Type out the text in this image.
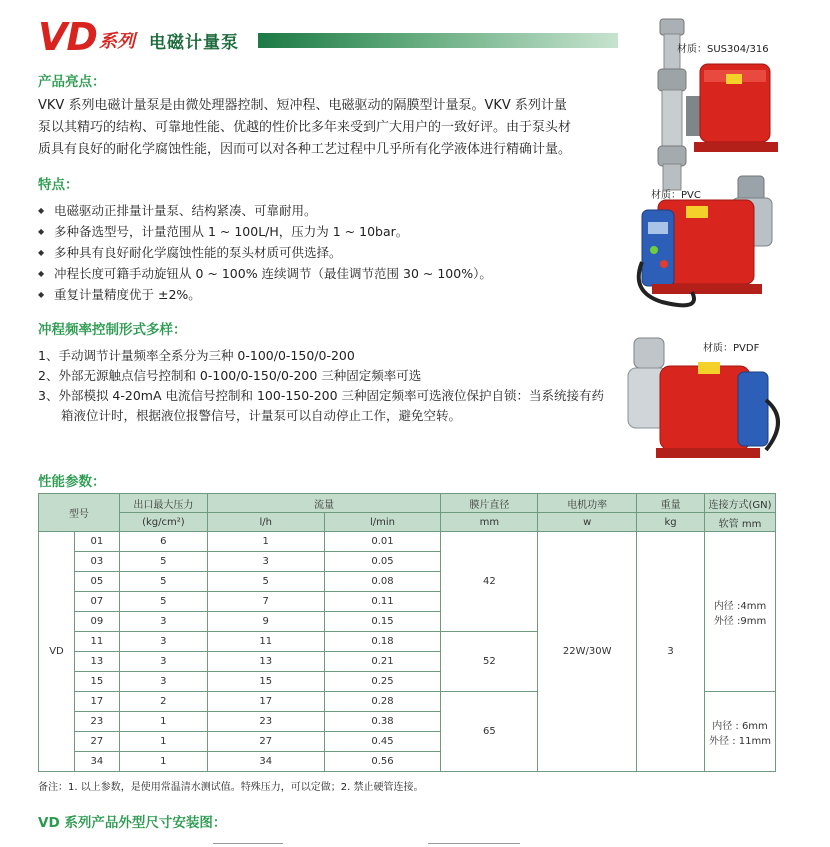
VD 系列 电磁计量泵
产品亮点：
VKV 系列电磁计量泵是由微处理器控制、短冲程、电磁驱动的隔膜型计量泵。VKV 系列计量
泵以其精巧的结构、可靠地性能、优越的性价比多年来受到广大用户的一致好评。由于泵头材
质具有良好的耐化学腐蚀性能，因而可以对各种工艺过程中几乎所有化学液体进行精确计量。
特点：
◆ 电磁驱动正排量计量泵、结构紧凑、可靠耐用。
◆ 多种备选型号，计量范围从 1 ~ 100L/H，压力为 1 ~ 10bar。
◆ 多种具有良好耐化学腐蚀性能的泵头材质可供选择。
◆ 冲程长度可籍手动旋钮从 0 ~ 100% 连续调节（最佳调节范围 30 ~ 100%）。
◆ 重复计量精度优于 ±2%。
冲程频率控制形式多样：
1、手动调节计量频率全系分为三种 0-100/0-150/0-200
2、外部无源触点信号控制和 0-100/0-150/0-200 三种固定频率可选
3、外部模拟 4-20mA 电流信号控制和 100-150-200 三种固定频率可选液位保护自锁：当系统接有药箱液位计时，根据液位报警信号，计量泵可以自动停止工作，避免空转。
材质：SUS304/316
材质：PVC
材质：PVDF
性能参数：
型号		出口最大压力	流量		膜片直径	电机功率	重量	连接方式(GN)
		(kg/cm²)	l/h	l/min	mm	w	kg	软管 mm
VD	01	6	1	0.01	42	22W/30W	3	内径 :4mm
外径 :9mm

	03	5	3	0.05				
	05	5	5	0.08				
	07	5	7	0.11				
	09	3	9	0.15				
	11	3	11	0.18	52			
	13	3	13	0.21				
	15	3	15	0.25				
	17	2	17	0.28	65			内径 : 6mm
外径 : 11mm

	23	1	23	0.38				
	27	1	27	0.45				
	34	1	34	0.56				
备注：1. 以上参数，是使用常温清水测试值。特殊压力，可以定做；2. 禁止硬管连接。
VD 系列产品外型尺寸安装图：
